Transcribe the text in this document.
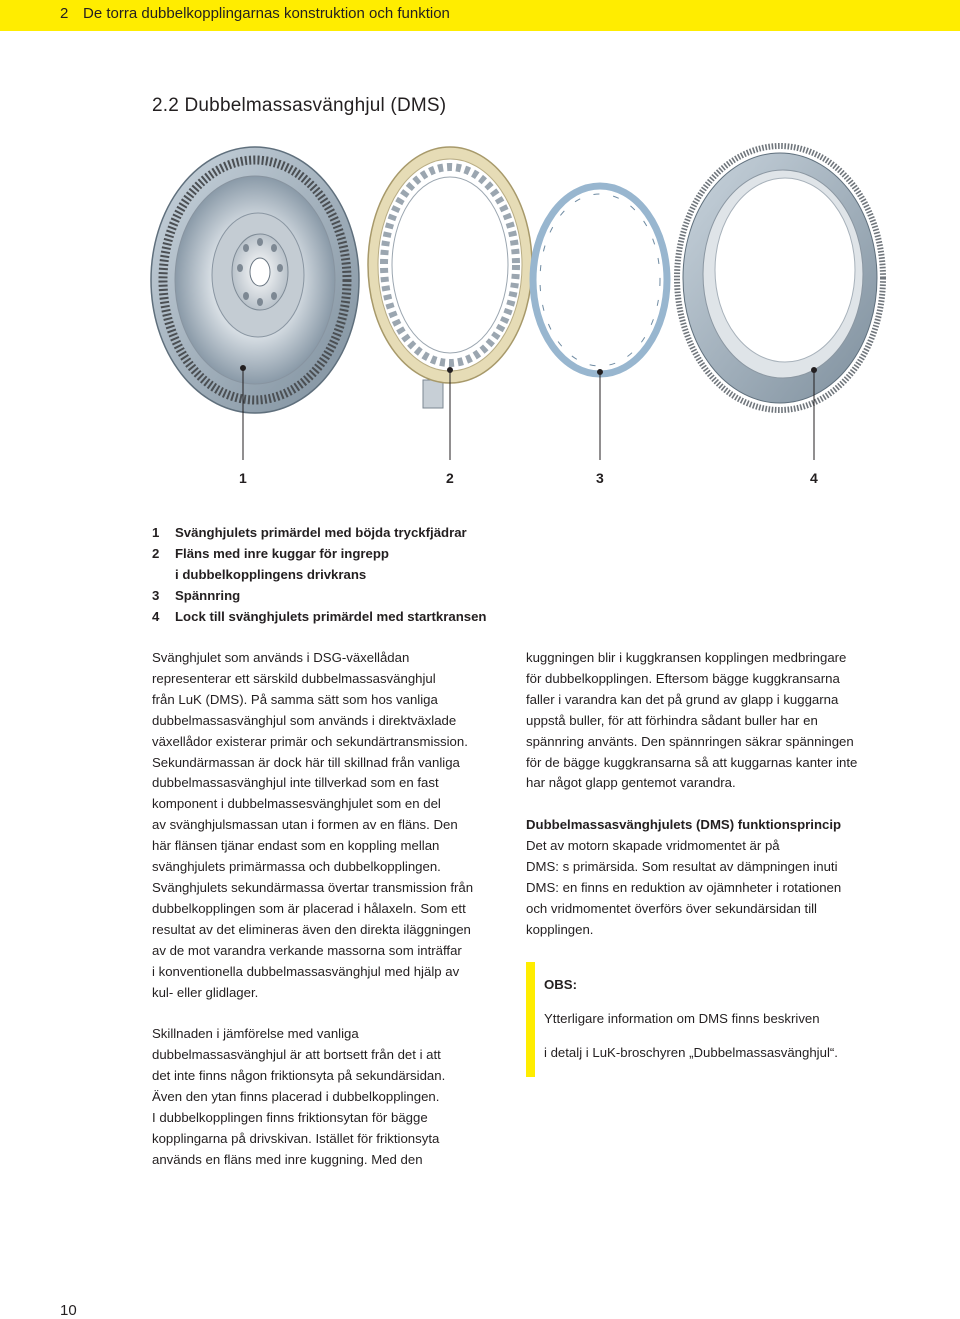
2 De torra dubbelkopplingarnas konstruktion och funktion
2.2 Dubbelmassasvänghjul (DMS)
1	2	3	4
1	Svänghjulets primärdel med böjda tryckfjädrar
2	Fläns med inre kuggar för ingrepp
i dubbelkopplingens drivkrans
3	Spännring
4	Lock till svänghjulets primärdel med startkransen

Svänghjulet som används i DSG-växellådan

representerar ett särskild dubbelmassasvänghjul

från LuK (DMS). På samma sätt som hos vanliga

dubbelmassasvänghjul som används i direktväxlade

växellådor existerar primär och sekundärtransmission.

Sekundärmassan är dock här till skillnad från vanliga

dubbelmassasvänghjul inte tillverkad som en fast

komponent i dubbelmassesvänghjulet som en del

av svänghjulsmassan utan i formen av en fläns. Den

här flänsen tjänar endast som en koppling mellan

svänghjulets primärmassa och dubbelkopplingen.

Svänghjulets sekundärmassa övertar transmission från

dubbelkopplingen som är placerad i hålaxeln. Som ett

resultat av det elimineras även den direkta iläggningen

av de mot varandra verkande massorna som inträffar

i konventionella dubbelmassasvänghjul med hjälp av

kul- eller glidlager.

Skillnaden i jämförelse med vanliga

dubbelmassasvänghjul är att bortsett från det i att

det inte finns någon friktionsyta på sekundärsidan.

Även den ytan finns placerad i dubbelkopplingen.

I dubbelkopplingen finns friktionsytan för bägge

kopplingarna på drivskivan. Istället för friktionsyta

används en fläns med inre kuggning. Med den

kuggningen blir i kuggkransen kopplingen medbringare

för dubbelkopplingen. Eftersom bägge kuggkransarna

faller i varandra kan det på grund av glapp i kuggarna

uppstå buller, för att förhindra sådant buller har en

spännring använts. Den spännringen säkrar spänningen

för de bägge kuggkransarna så att kuggarnas kanter inte

har något glapp gentemot varandra.

Dubbelmassasvänghjulets (DMS) funktionsprincip

Det av motorn skapade vridmomentet är på

DMS: s primärsida. Som resultat av dämpningen inuti

DMS: en finns en reduktion av ojämnheter i rotationen

och vridmomentet överförs över sekundärsidan till

kopplingen.

OBS:

Ytterligare information om DMS finns beskriven

i detalj i LuK-broschyren „Dubbelmassasvänghjul“.

10
